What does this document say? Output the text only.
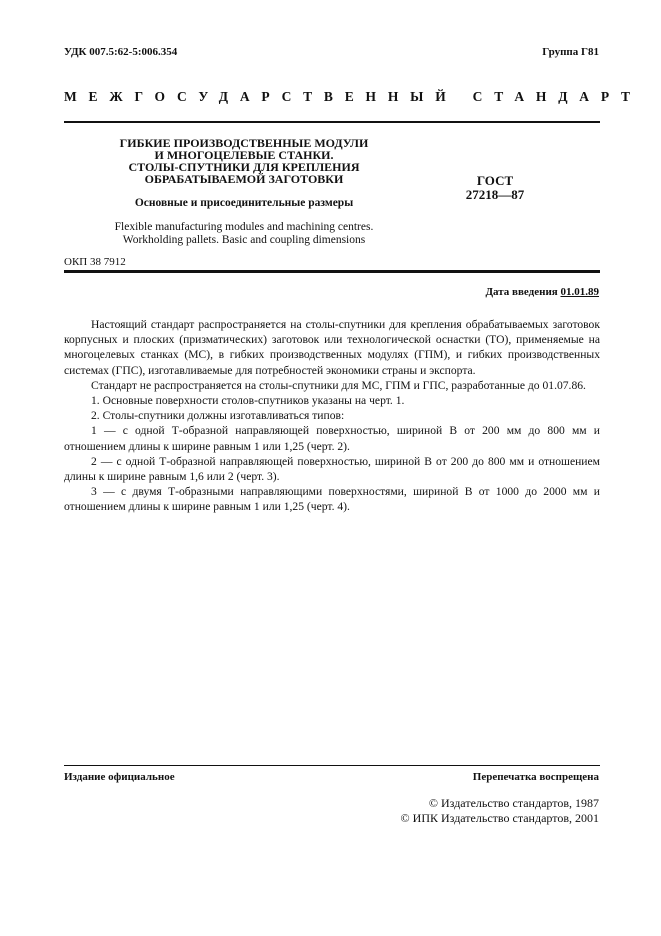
УДК 007.5:62-5:006.354	Группа Г81
МЕЖГОСУДАРСТВЕННЫЙ СТАНДАРТ
ГИБКИЕ ПРОИЗВОДСТВЕННЫЕ МОДУЛИ
И МНОГОЦЕЛЕВЫЕ СТАНКИ.
СТОЛЫ-СПУТНИКИ ДЛЯ КРЕПЛЕНИЯ
ОБРАБАТЫВАЕМОЙ ЗАГОТОВКИ
Основные и присоединительные размеры
Flexible manufacturing modules and machining centres.
Workholding pallets. Basic and coupling dimensions
ГОСТ
27218—87
ОКП 38 7912
Дата введения 01.01.89
Настоящий стандарт распространяется на столы-спутники для крепления обрабатываемых заготовок корпусных и плоских (призматических) заготовок или технологической оснастки (ТО), применяемые на многоцелевых станках (МС), в гибких производственных модулях (ГПМ), и гибких производственных системах (ГПС), изготавливаемые для потребностей экономики страны и экспорта.
Стандарт не распространяется на столы-спутники для МС, ГПМ и ГПС, разработанные до 01.07.86.
1. Основные поверхности столов-спутников указаны на черт. 1.
2. Столы-спутники должны изготавливаться типов:
1 — с одной Т-образной направляющей поверхностью, шириной B от 200 мм до 800 мм и отношением длины к ширине равным 1 или 1,25 (черт. 2).
2 — с одной Т-образной направляющей поверхностью, шириной B от 200 до 800 мм и отношением длины к ширине равным 1,6 или 2 (черт. 3).
3 — с двумя Т-образными направляющими поверхностями, шириной B от 1000 до 2000 мм и отношением длины к ширине равным 1 или 1,25 (черт. 4).
Издание официальное	Перепечатка воспрещена
© Издательство стандартов, 1987
© ИПК Издательство стандартов, 2001
